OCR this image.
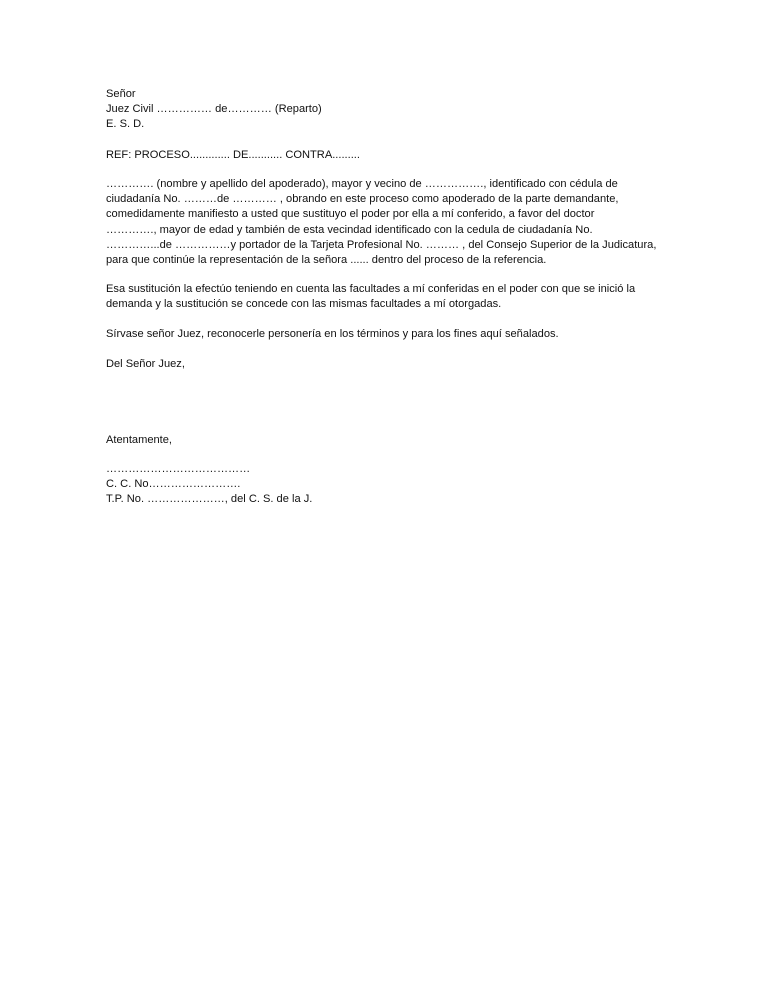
Señor
Juez Civil …………… de………… (Reparto)
E. S. D.
REF: PROCESO............. DE........... CONTRA.........
…………. (nombre y apellido del apoderado), mayor y vecino de ……………., identificado con cédula de
ciudadanía No. ………de ………… , obrando en este proceso como apoderado de la parte demandante,
comedidamente manifiesto a usted que sustituyo el poder por ella a mí conferido, a favor del doctor
…………., mayor de edad y también de esta vecindad identificado con la cedula de ciudadanía No.
…………...de ……………y portador de la Tarjeta Profesional No. ……… , del Consejo Superior de la Judicatura,
para que continúe la representación de la señora ...... dentro del proceso de la referencia.
Esa sustitución la efectúo teniendo en cuenta las facultades a mí conferidas en el poder con que se inició la
demanda y la sustitución se concede con las mismas facultades a mí otorgadas.
Sírvase señor Juez, reconocerle personería en los términos y para los fines aquí señalados.
Del Señor Juez,
Atentamente,
…………………………………
C. C. No…………………….
T.P. No. …………………, del C. S. de la J.
